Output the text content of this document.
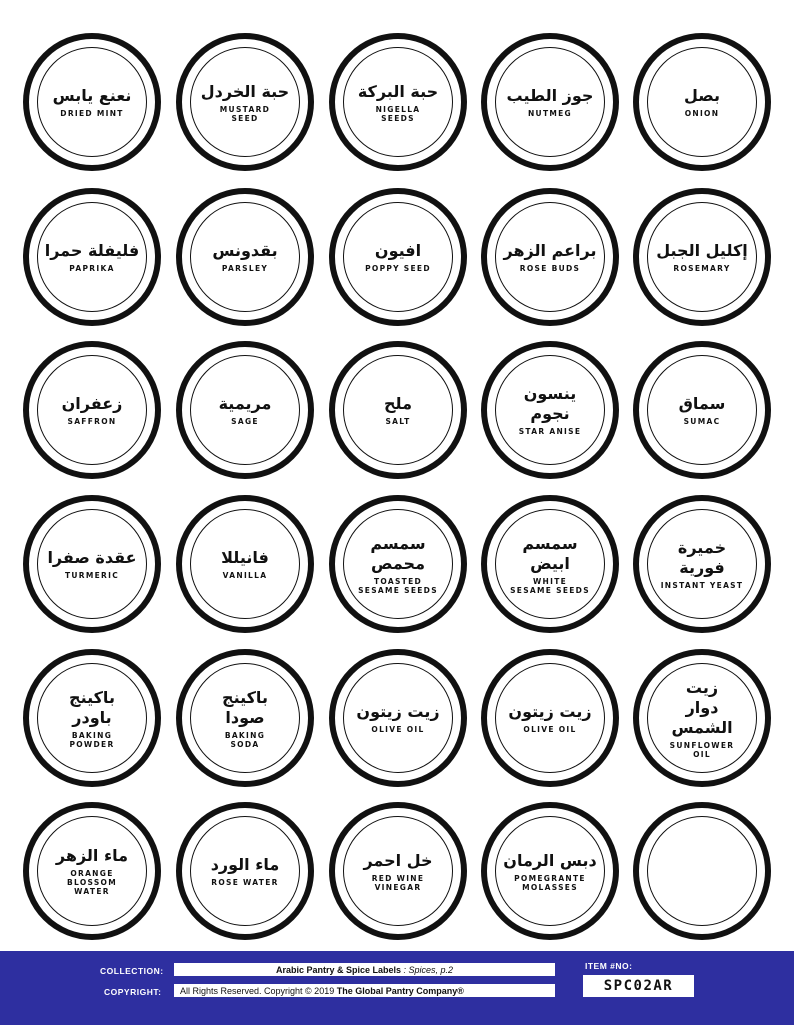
نعنع يابس
DRIED MINT
حبة الخردل
MUSTARD
SEED
حبة البركة
NIGELLA
SEEDS
جوز الطيب
NUTMEG
بصل
ONION
فليفلة حمرا
PAPRIKA
بقدونس
PARSLEY
افيون
POPPY SEED
براعم الزهر
ROSE BUDS
إكليل الجبل
ROSEMARY
زعفران
SAFFRON
مريمية
SAGE
ملح
SALT
ينسون نجوم
STAR ANISE
سماق
SUMAC
عقدة صفرا
TURMERIC
فانيللا
VANILLA
سمسم
محمص
TOASTED
SESAME SEEDS
سمسم ابيض
WHITE
SESAME SEEDS
خميرة فورية
INSTANT YEAST
باكينج
باودر
BAKING
POWDER
باكينج
صودا
BAKING
SODA
زيت زيتون
OLIVE OIL
زيت زيتون
OLIVE OIL
زيت
دوار الشمس
SUNFLOWER
OIL
ماء الزهر
ORANGE
BLOSSOM
WATER
ماء الورد
ROSE WATER
خل احمر
RED WINE
VINEGAR
دبس الرمان
POMEGRANTE
MOLASSES
COLLECTION:	Arabic Pantry & Spice Labels
: Spices, p.2
COPYRIGHT: All Rights Reserved. Copyright © 2019
The Global Pantry Company®
ITEM #NO:
SPC02AR
